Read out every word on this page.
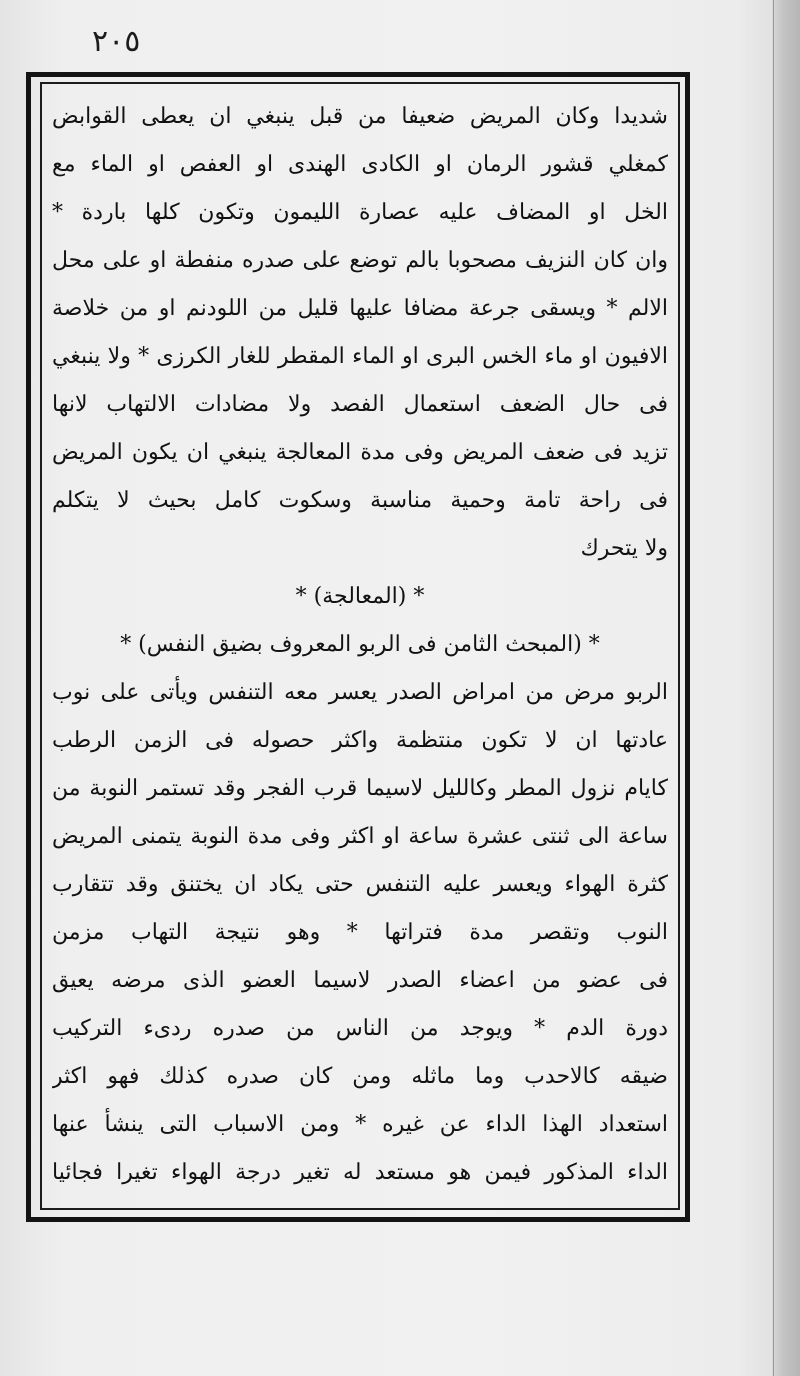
٢٠٥
شديدا وكان المريض ضعيفا من قبل ينبغي ان يعطى القوابض
كمغلي قشور الرمان او الكادى الهندى او العفص او الماء مع
الخل او المضاف عليه عصارة الليمون وتكون كلها باردة *
وان كان النزيف مصحوبا بالم توضع على صدره منفطة او على محل
الالم * ويسقى جرعة مضافا عليها قليل من اللودنم او من خلاصة
الافيون او ماء الخس البرى او الماء المقطر للغار الكرزى * ولا ينبغي
فى حال الضعف استعمال الفصد ولا مضادات الالتهاب لانها
تزيد فى ضعف المريض وفى مدة المعالجة ينبغي ان يكون المريض
فى راحة تامة وحمية مناسبة وسكوت كامل بحيث لا يتكلم
ولا يتحرك
* (المعالجة) *
* (المبحث الثامن فى الربو المعروف بضيق النفس) *
الربو مرض من امراض الصدر يعسر معه التنفس ويأتى على نوب
عادتها ان لا تكون منتظمة واكثر حصوله فى الزمن الرطب
كايام نزول المطر وكالليل لاسيما قرب الفجر وقد تستمر النوبة من
ساعة الى ثنتى عشرة ساعة او اكثر وفى مدة النوبة يتمنى المريض
كثرة الهواء ويعسر عليه التنفس حتى يكاد ان يختنق وقد تتقارب
النوب وتقصر مدة فتراتها * وهو نتيجة التهاب مزمن
فى عضو من اعضاء الصدر لاسيما العضو الذى مرضه يعيق
دورة الدم * ويوجد من الناس من صدره ردىء التركيب
ضيقه كالاحدب وما ماثله ومن كان صدره كذلك فهو اكثر
استعداد الهذا الداء عن غيره * ومن الاسباب التى ينشأ عنها
الداء المذكور فيمن هو مستعد له تغير درجة الهواء تغيرا فجائيا
